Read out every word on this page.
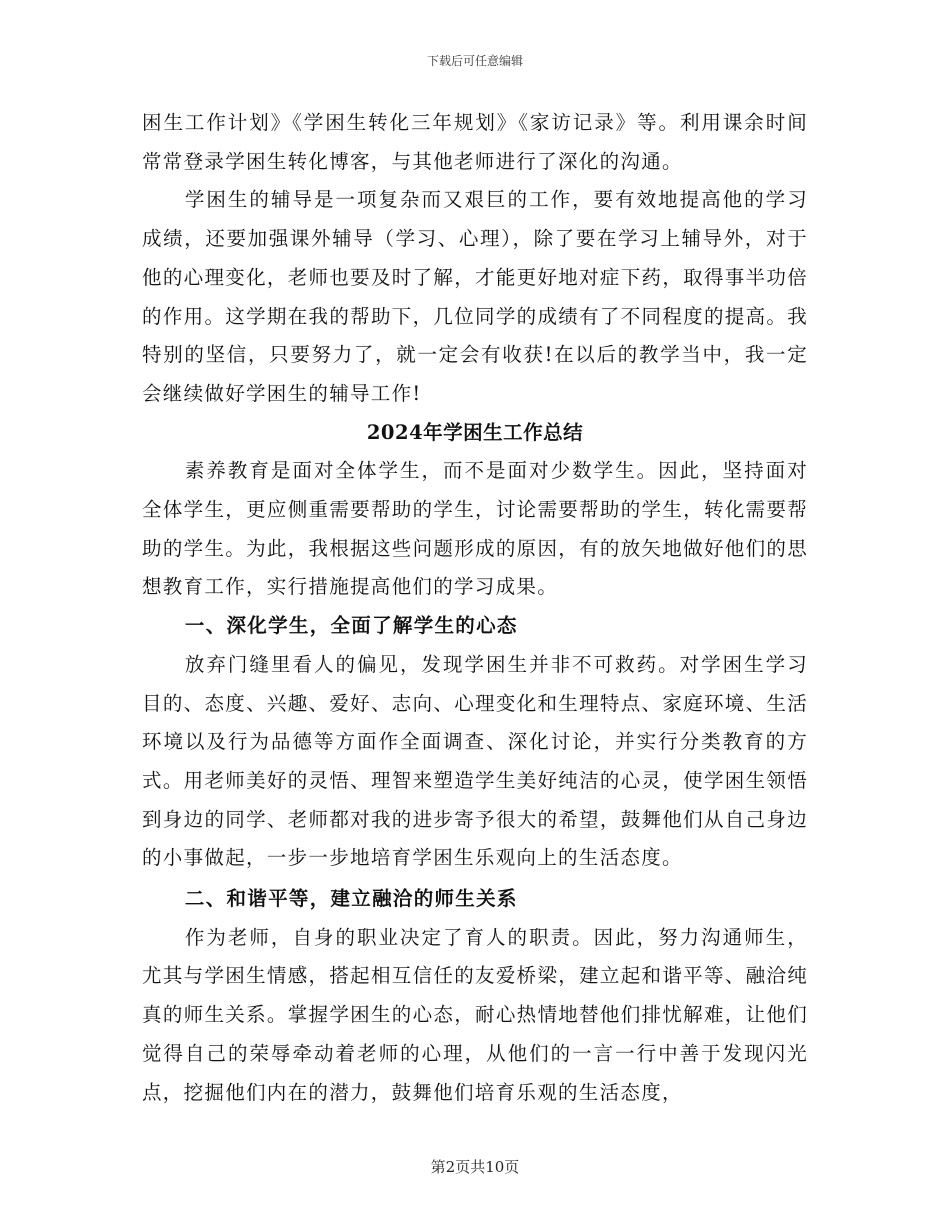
下载后可任意编辑

困生工作计划》《学困生转化三年规划》《家访记录》等。利用课余时间常常登录学困生转化博客，与其他老师进行了深化的沟通。

学困生的辅导是一项复杂而又艰巨的工作，要有效地提高他的学习成绩，还要加强课外辅导（学习、心理），除了要在学习上辅导外，对于他的心理变化，老师也要及时了解，才能更好地对症下药，取得事半功倍的作用。这学期在我的帮助下，几位同学的成绩有了不同程度的提高。我特别的坚信，只要努力了，就一定会有收获!在以后的教学当中，我一定会继续做好学困生的辅导工作!

2024年学困生工作总结

素养教育是面对全体学生，而不是面对少数学生。因此，坚持面对全体学生，更应侧重需要帮助的学生，讨论需要帮助的学生，转化需要帮助的学生。为此，我根据这些问题形成的原因，有的放矢地做好他们的思想教育工作，实行措施提高他们的学习成果。

一、深化学生，全面了解学生的心态

放弃门缝里看人的偏见，发现学困生并非不可救药。对学困生学习目的、态度、兴趣、爱好、志向、心理变化和生理特点、家庭环境、生活环境以及行为品德等方面作全面调查、深化讨论，并实行分类教育的方式。用老师美好的灵悟、理智来塑造学生美好纯洁的心灵，使学困生领悟到身边的同学、老师都对我的进步寄予很大的希望，鼓舞他们从自己身边的小事做起，一步一步地培育学困生乐观向上的生活态度。

二、和谐平等，建立融洽的师生关系

作为老师，自身的职业决定了育人的职责。因此，努力沟通师生，尤其与学困生情感，搭起相互信任的友爱桥梁，建立起和谐平等、融洽纯真的师生关系。掌握学困生的心态，耐心热情地替他们排忧解难，让他们觉得自己的荣辱牵动着老师的心理，从他们的一言一行中善于发现闪光点，挖掘他们内在的潜力，鼓舞他们培育乐观的生活态度，

第2页共10页
